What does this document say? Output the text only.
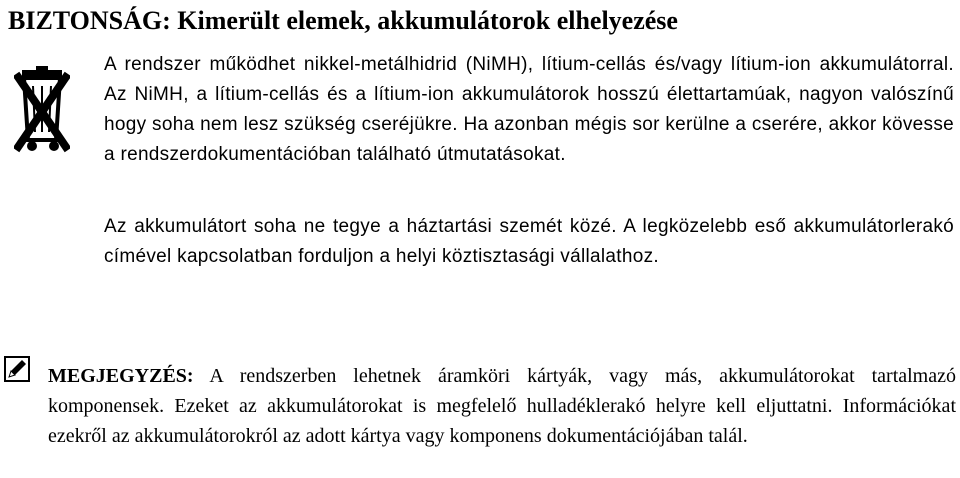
BIZTONSÁG: Kimerült elemek, akkumulátorok elhelyezése

A rendszer működhet nikkel-metálhidrid (NiMH), lítium-cellás és/vagy lítium-ion akkumulátorral. Az NiMH, a lítium-cellás és a lítium-ion akkumulátorok hosszú élettartamúak, nagyon valószínű hogy soha nem lesz szükség cseréjükre. Ha azonban mégis sor kerülne a cserére, akkor kövesse a rendszerdokumentációban található útmutatásokat.

Az akkumulátort soha ne tegye a háztartási szemét közé. A legközelebb eső akkumulátorlerakó címével kapcsolatban forduljon a helyi köztisztasági vállalathoz.

MEGJEGYZÉS: A rendszerben lehetnek áramköri kártyák, vagy más, akkumulátorokat tartalmazó komponensek. Ezeket az akkumulátorokat is megfelelő hulladéklerakó helyre kell eljuttatni. Információkat ezekről az akkumulátorokról az adott kártya vagy komponens dokumentációjában talál.
